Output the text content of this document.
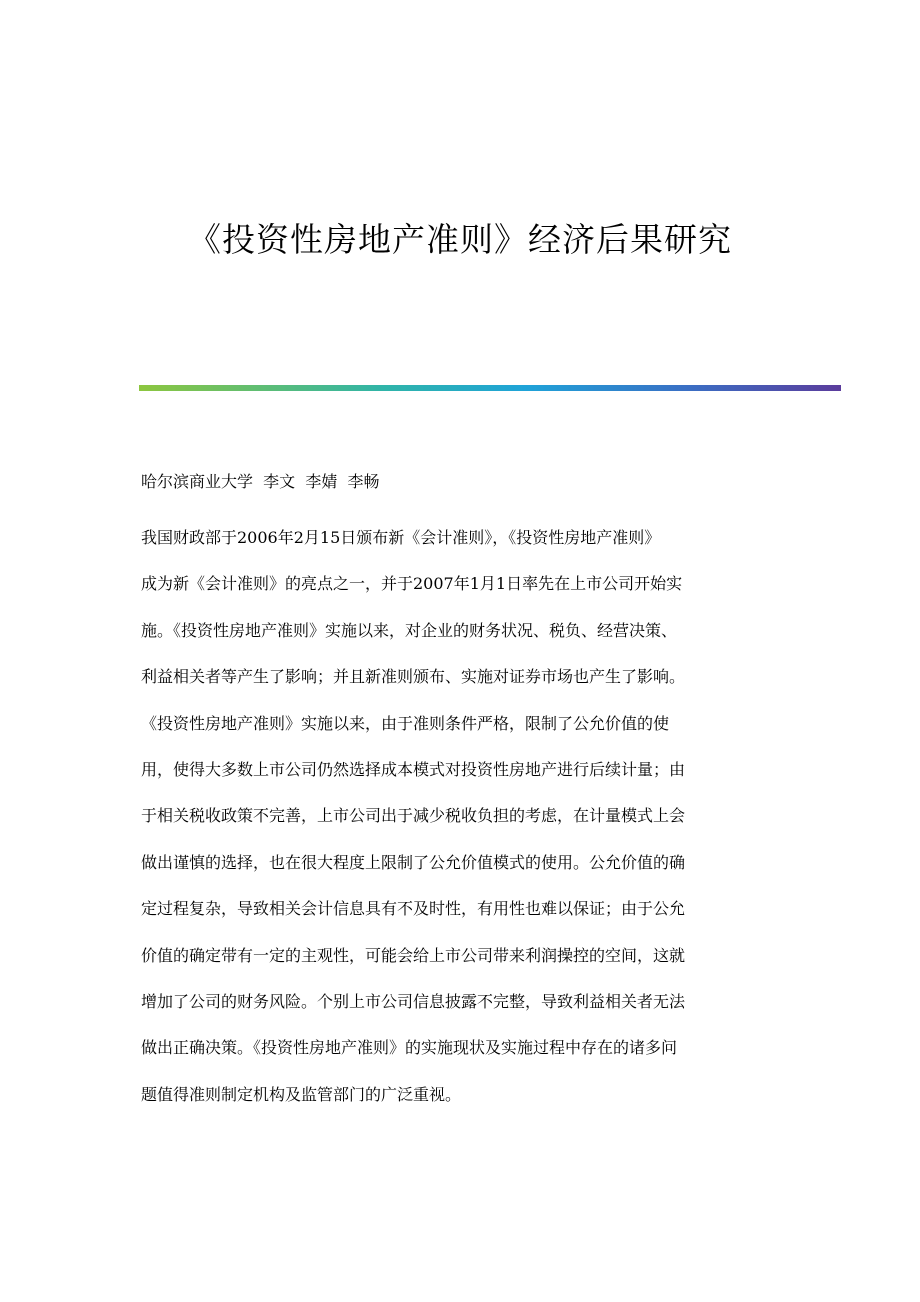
《投资性房地产准则》经济后果研究
哈尔滨商业大学  李文  李婧  李畅
我国财政部于2006年2月15日颁布新《会计准则》，《投资性房地产准则》
成为新《会计准则》的亮点之一，并于2007年1月1日率先在上市公司开始实
施。《投资性房地产准则》实施以来，对企业的财务状况、税负、经营决策、
利益相关者等产生了影响；并且新准则颁布、实施对证券市场也产生了影响。
《投资性房地产准则》实施以来，由于准则条件严格，限制了公允价值的使
用，使得大多数上市公司仍然选择成本模式对投资性房地产进行后续计量；由
于相关税收政策不完善，上市公司出于减少税收负担的考虑，在计量模式上会
做出谨慎的选择，也在很大程度上限制了公允价值模式的使用。公允价值的确
定过程复杂，导致相关会计信息具有不及时性，有用性也难以保证；由于公允
价值的确定带有一定的主观性，可能会给上市公司带来利润操控的空间，这就
增加了公司的财务风险。个别上市公司信息披露不完整，导致利益相关者无法
做出正确决策。《投资性房地产准则》的实施现状及实施过程中存在的诸多问
题值得准则制定机构及监管部门的广泛重视。
